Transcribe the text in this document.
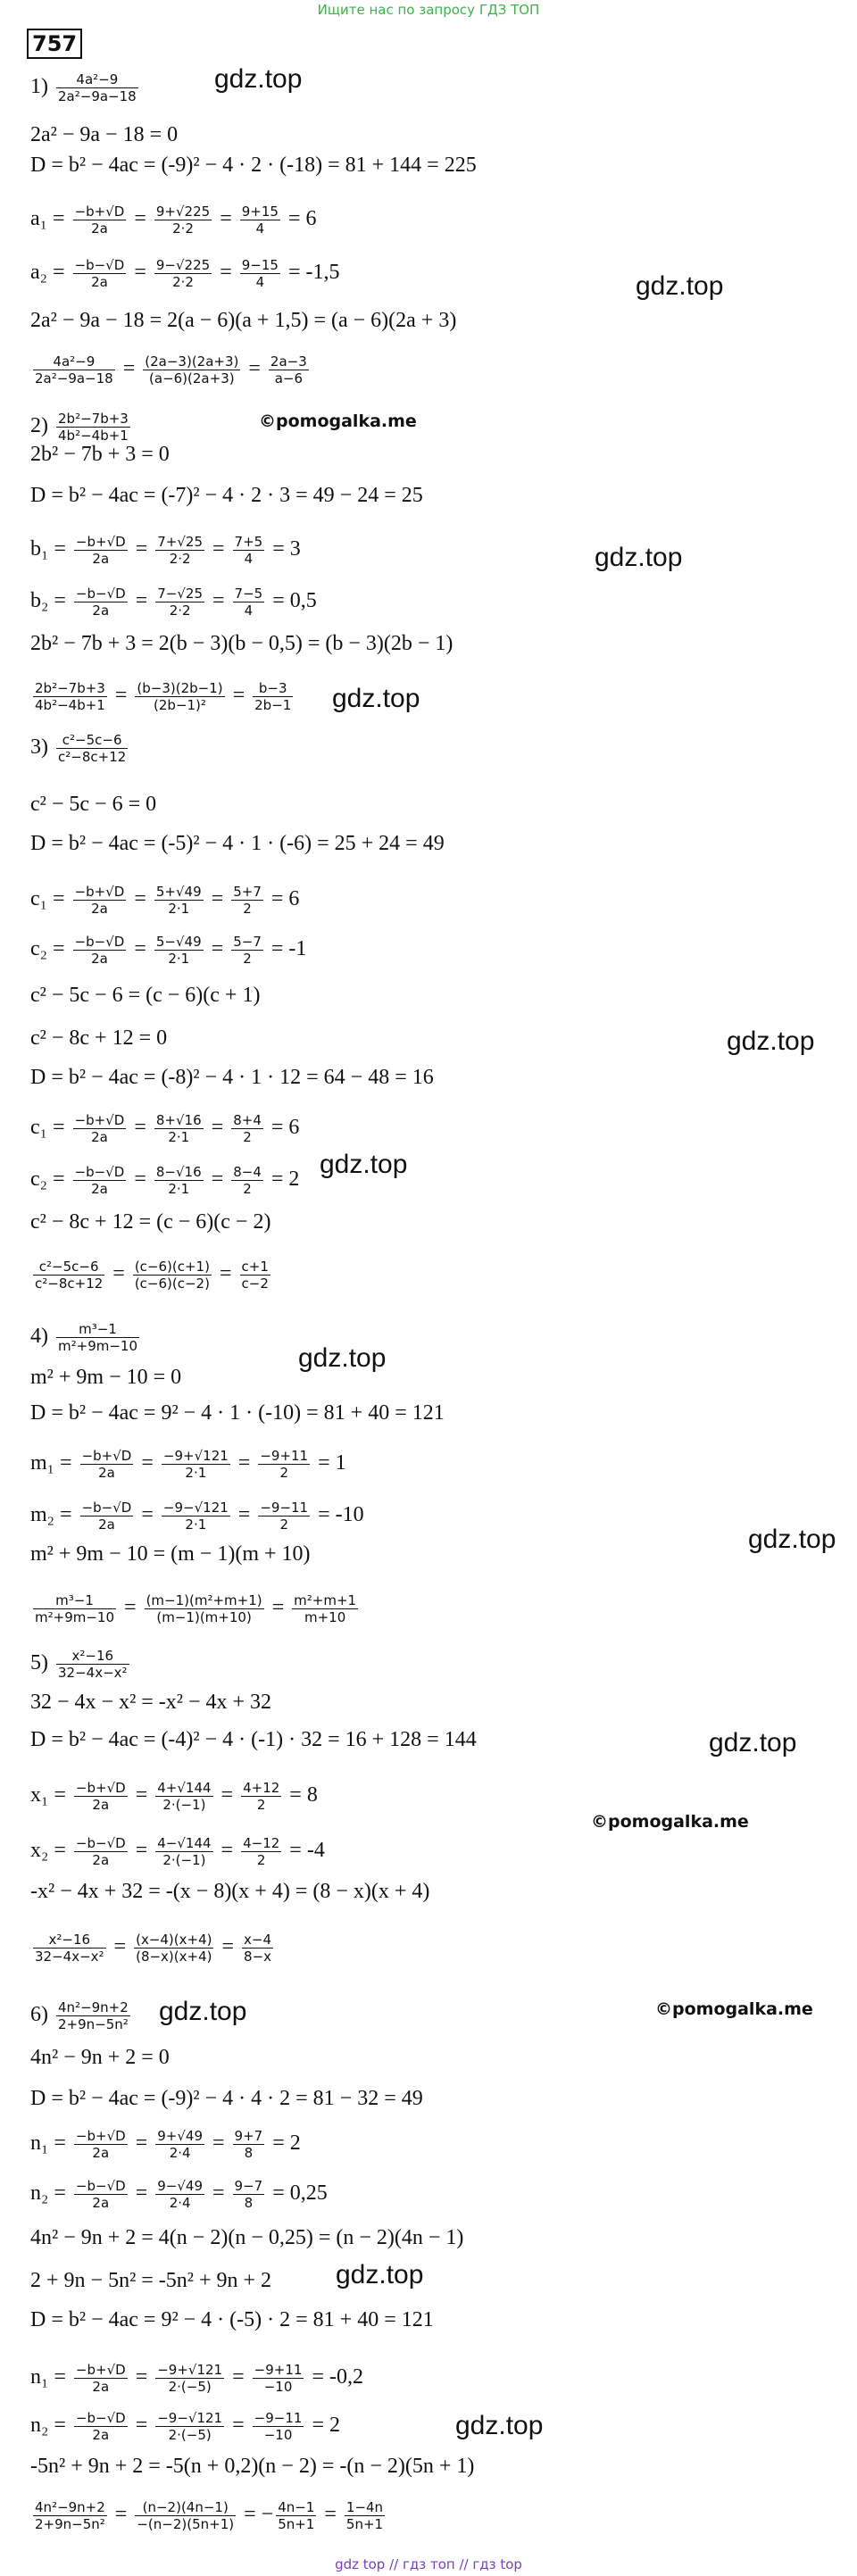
Ищите нас по запросу ГДЗ ТОП
757
$1) \frac{\text{4a²−9}}{\text{2a²−9a−18}}$
2a² − 9a − 18 = 0
D = b² − 4ac = (-9)² − 4 · 2 · (-18) = 81 + 144 = 225
$a_1 = \frac{-b+√D}{2a} = \frac{9+√225}{2\cdot 2} = \frac{9+15}{4} = 6$
$a_2 = \frac{-b-√D}{2a} = \frac{9-√225}{2\cdot 2} = \frac{9-15}{4} = -1,5$
2a² − 9a − 18 = 2(a − 6)(a + 1,5) = (a − 6)(2a + 3)
$\frac{\text{4a²−9}}{\text{2a²−9a−18}} = \frac{(2a-3)(2a+3)}{(a-6)(2a+3)} = \frac{2a-3}{a-6}$
$2) \frac{\text{2b²−7b+3}}{\text{4b²−4b+1}}$
2b² − 7b + 3 = 0
D = b² − 4ac = (-7)² − 4 · 2 · 3 = 49 − 24 = 25
$b_1 = \frac{-b+√D}{2a} = \frac{7+√25}{2\cdot 2} = \frac{7+5}{4} = 3$
$b_2 = \frac{-b-√D}{2a} = \frac{7-√25}{2\cdot 2} = \frac{7-5}{4} = 0,5$
2b² − 7b + 3 = 2(b − 3)(b − 0,5) = (b − 3)(2b − 1)
$\frac{\text{2b²−7b+3}}{\text{4b²−4b+1}} = \frac{(b-3)(2b-1)}{\text{(2b−1)²}} = \frac{b-3}{2b-1}$
$3) \frac{\text{c²−5c−6}}{\text{c²−8c+12}}$
c² − 5c − 6 = 0
D = b² − 4ac = (-5)² − 4 · 1 · (-6) = 25 + 24 = 49
$c_1 = \frac{-b+√D}{2a} = \frac{5+√49}{2\cdot 1} = \frac{5+7}{2} = 6$
$c_2 = \frac{-b-√D}{2a} = \frac{5-√49}{2\cdot 1} = \frac{5-7}{2} = -1$
c² − 5c − 6 = (c − 6)(c + 1)
c² − 8c + 12 = 0
D = b² − 4ac = (-8)² − 4 · 1 · 12 = 64 − 48 = 16
$c_1 = \frac{-b+√D}{2a} = \frac{8+√16}{2\cdot 1} = \frac{8+4}{2} = 6$
$c_2 = \frac{-b-√D}{2a} = \frac{8-√16}{2\cdot 1} = \frac{8-4}{2} = 2$
c² − 8c + 12 = (c − 6)(c − 2)
$\frac{\text{c²−5c−6}}{\text{c²−8c+12}} = \frac{(c-6)(c+1)}{(c-6)(c-2)} = \frac{c+1}{c-2}$
$4) \frac{\text{m³−1}}{\text{m²+9m−10}}$
m² + 9m − 10 = 0
D = b² − 4ac = 9² − 4 · 1 · (-10) = 81 + 40 = 121
$m_1 = \frac{-b+√D}{2a} = \frac{-9+√121}{2\cdot 1} = \frac{-9+11}{2} = 1$
$m_2 = \frac{-b-√D}{2a} = \frac{-9-√121}{2\cdot 1} = \frac{-9-11}{2} = -10$
m² + 9m − 10 = (m − 1)(m + 10)
$\frac{\text{m³−1}}{\text{m²+9m−10}} = \frac{\text{(m−1)(m²+m+1)}}{(m-1)(m+10)} = \frac{\text{m²+m+1}}{m+10}$
$5) \frac{\text{x²−16}}{\text{32−4x−x²}}$
32 − 4x − x² = -x² − 4x + 32
D = b² − 4ac = (-4)² − 4 · (-1) · 32 = 16 + 128 = 144
$x_1 = \frac{-b+√D}{2a} = \frac{4+√144}{2\cdot(-1)} = \frac{4+12}{2} = 8$
$x_2 = \frac{-b-√D}{2a} = \frac{4-√144}{2\cdot(-1)} = \frac{4-12}{2} = -4$
-x² − 4x + 32 = -(x − 8)(x + 4) = (8 − x)(x + 4)
$\frac{\text{x²−16}}{\text{32−4x−x²}} = \frac{(x-4)(x+4)}{(8-x)(x+4)} = \frac{x-4}{8-x}$
$6) \frac{\text{4n²−9n+2}}{\text{2+9n−5n²}}$
4n² − 9n + 2 = 0
D = b² − 4ac = (-9)² − 4 · 4 · 2 = 81 − 32 = 49
$n_1 = \frac{-b+√D}{2a} = \frac{9+√49}{2\cdot 4} = \frac{9+7}{8} = 2$
$n_2 = \frac{-b-√D}{2a} = \frac{9-√49}{2\cdot 4} = \frac{9-7}{8} = 0,25$
4n² − 9n + 2 = 4(n − 2)(n − 0,25) = (n − 2)(4n − 1)
2 + 9n − 5n² = -5n² + 9n + 2
D = b² − 4ac = 9² − 4 · (-5) · 2 = 81 + 40 = 121
$n_1 = \frac{-b+√D}{2a} = \frac{-9+√121}{2\cdot(-5)} = \frac{-9+11}{-10} = -0,2$
$n_2 = \frac{-b-√D}{2a} = \frac{-9-√121}{2\cdot(-5)} = \frac{-9-11}{-10} = 2$
-5n² + 9n + 2 = -5(n + 0,2)(n − 2) = -(n − 2)(5n + 1)
$\frac{\text{4n²−9n+2}}{\text{2+9n−5n²}} = \frac{(n-2)(4n-1)}{-(n-2)(5n+1)}$ = − $\frac{4n-1}{5n+1} = \frac{1-4n}{5n+1}$
gdz.top
gdz.top
gdz.top
gdz.top
gdz.top
gdz.top
gdz.top
gdz.top
gdz.top
gdz.top
gdz.top
gdz.top
©pomogalka.me
©pomogalka.me
©pomogalka.me
gdz top // гдз топ // гдз top
